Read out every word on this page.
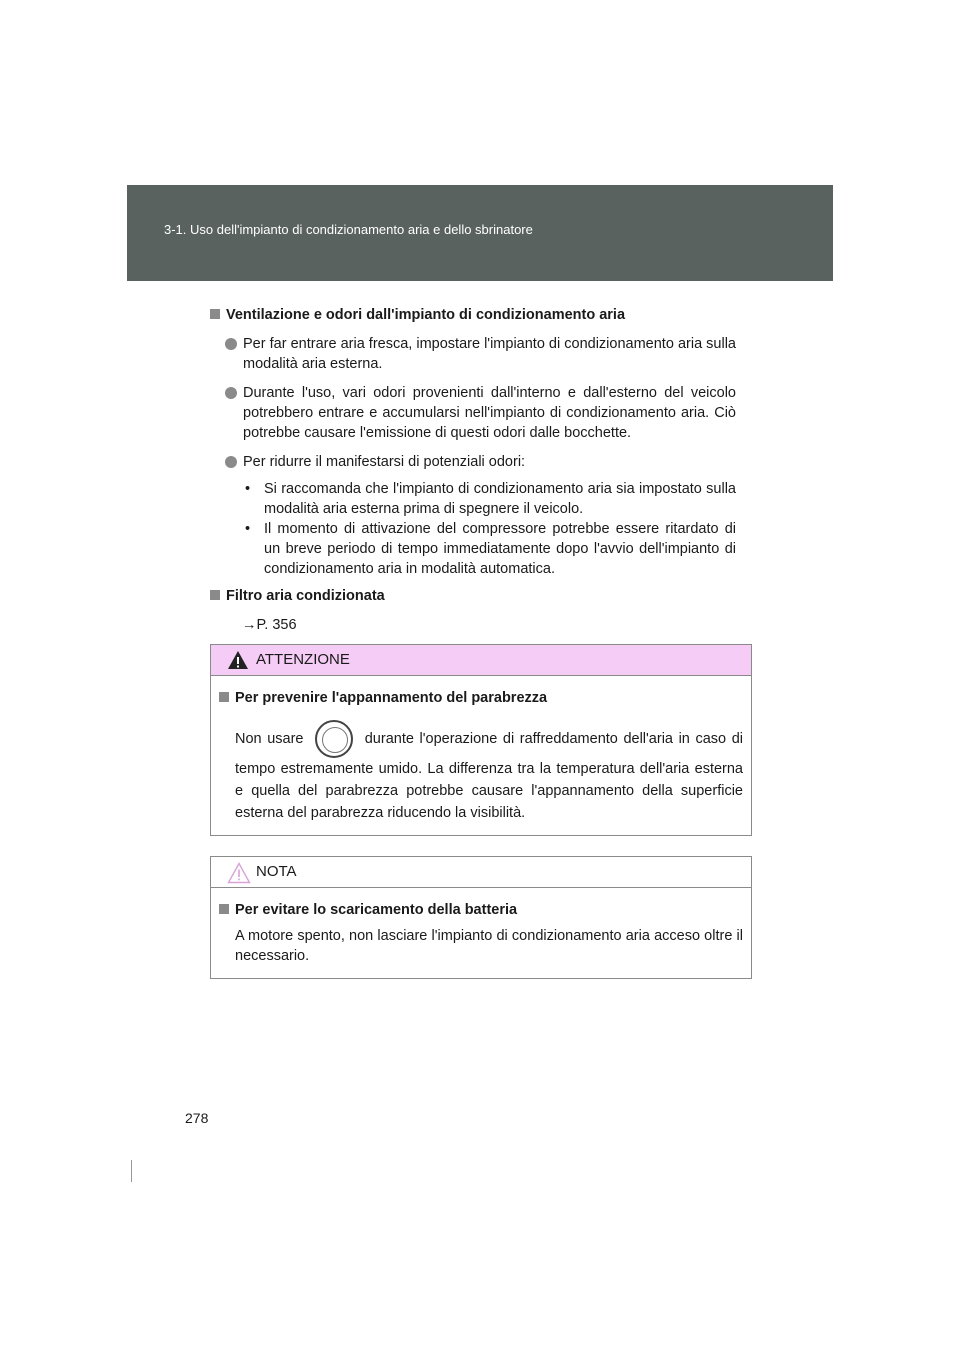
3-1. Uso dell'impianto di condizionamento aria e dello sbrinatore
Ventilazione e odori dall'impianto di condizionamento aria
Per far entrare aria fresca, impostare l'impianto di condizionamento aria sulla modalità aria esterna.
Durante l'uso, vari odori provenienti dall'interno e dall'esterno del veicolo potrebbero entrare e accumularsi nell'impianto di condizionamento aria. Ciò potrebbe causare l'emissione di questi odori dalle bocchette.
Per ridurre il manifestarsi di potenziali odori:
• Si raccomanda che l'impianto di condizionamento aria sia impostato sulla modalità aria esterna prima di spegnere il veicolo.
• Il momento di attivazione del compressore potrebbe essere ritardato di un breve periodo di tempo immediatamente dopo l'avvio dell'impianto di condizionamento aria in modalità automatica.
Filtro aria condizionata
→P. 356
ATTENZIONE
Per prevenire l'appannamento del parabrezza

Non usare	durante l'operazione di raffreddamento dell'aria in caso di tempo estremamente umido. La differenza tra la temperatura dell'aria esterna e quella del parabrezza potrebbe causare l'appannamento della superficie esterna del parabrezza riducendo la visibilità.

NOTA
Per evitare lo scaricamento della batteria

A motore spento, non lasciare l'impianto di condizionamento aria acceso oltre il necessario.

278
